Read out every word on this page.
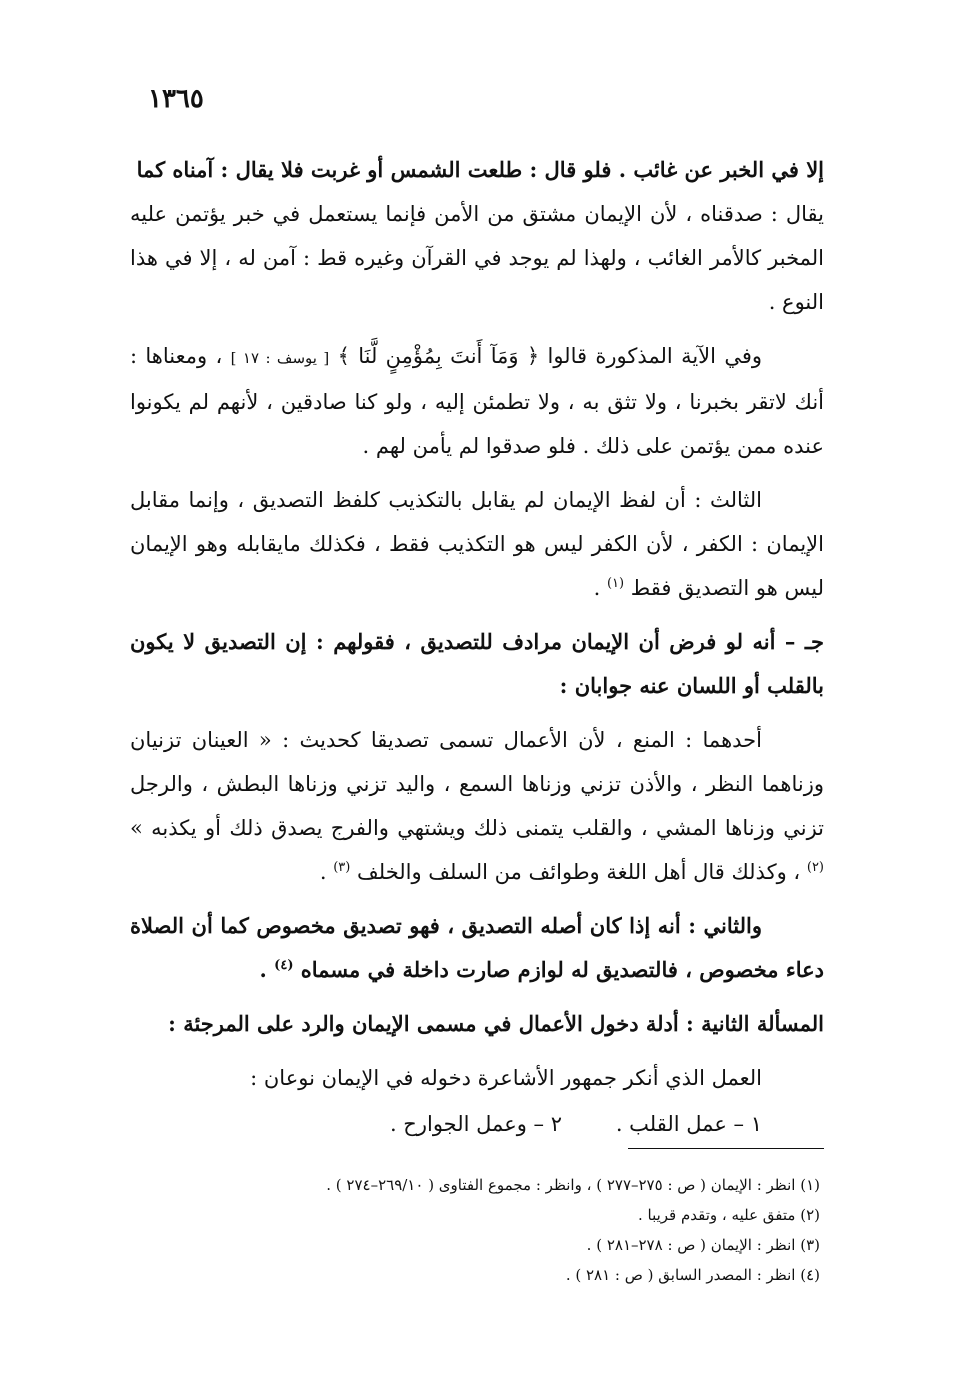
١٣٦٥

إلا في الخبر عن غائب . فلو قال : طلعت الشمس أو غربت فلا يقال : آمناه كما

يقال : صدقناه ، لأن الإيمان مشتق من الأمن فإنما يستعمل في خبر يؤتمن عليه المخبر كالأمر الغائب ، ولهذا لم يوجد في القرآن وغيره قط : آمن له ، إلا في هذا النوع .

وفي الآية المذكورة قالوا ﴿ وَمَآ أَنتَ بِمُؤْمِنٍ لَّنَا ﴾ [ يوسف : ١٧ ] ، ومعناها : أنك لاتقر بخبرنا ، ولا تثق به ، ولا تطمئن إليه ، ولو كنا صادقين ، لأنهم لم يكونوا عنده ممن يؤتمن على ذلك . فلو صدقوا لم يأمن لهم .

الثالث : أن لفظ الإيمان لم يقابل بالتكذيب كلفظ التصديق ، وإنما مقابل الإيمان : الكفر ، لأن الكفر ليس هو التكذيب فقط ، فكذلك مايقابله وهو الإيمان ليس هو التصديق فقط $^{(١)}$ .

جـ – أنه لو فرض أن الإيمان مرادف للتصديق ، فقولهم : إن التصديق لا يكون بالقلب أو اللسان عنه جوابان :

أحدهما : المنع ، لأن الأعمال تسمى تصديقا كحديث : « العينان تزنيان وزناهما النظر ، والأذن تزني وزناها السمع ، واليد تزني وزناها البطش ، والرجل تزني وزناها المشي ، والقلب يتمنى ذلك ويشتهي والفرج يصدق ذلك أو يكذبه » $^{(٢)}$ ، وكذلك قال أهل اللغة وطوائف من السلف والخلف $^{(٣)}$ .

والثاني : أنه إذا كان أصله التصديق ، فهو تصديق مخصوص كما أن الصلاة دعاء مخصوص ، فالتصديق له لوازم صارت داخلة في مسماه $^{(٤)}$ .

المسألة الثانية : أدلة دخول الأعمال في مسمى الإيمان والرد على المرجئة :

العمل الذي أنكر جمهور الأشاعرة دخوله في الإيمان نوعان :

١ – عمل القلب .
٢ – وعمل الجوارح .

(١) انظر : الإيمان ( ص : ٢٧٥–٢٧٧ ) ، وانظر : مجموع الفتاوى ( ٢٦٩/١٠–٢٧٤ ) .

(٢) متفق عليه ، وتقدم قريبا .

(٣) انظر : الإيمان ( ص : ٢٧٨–٢٨١ ) .

(٤) انظر : المصدر السابق ( ص : ٢٨١ ) .
